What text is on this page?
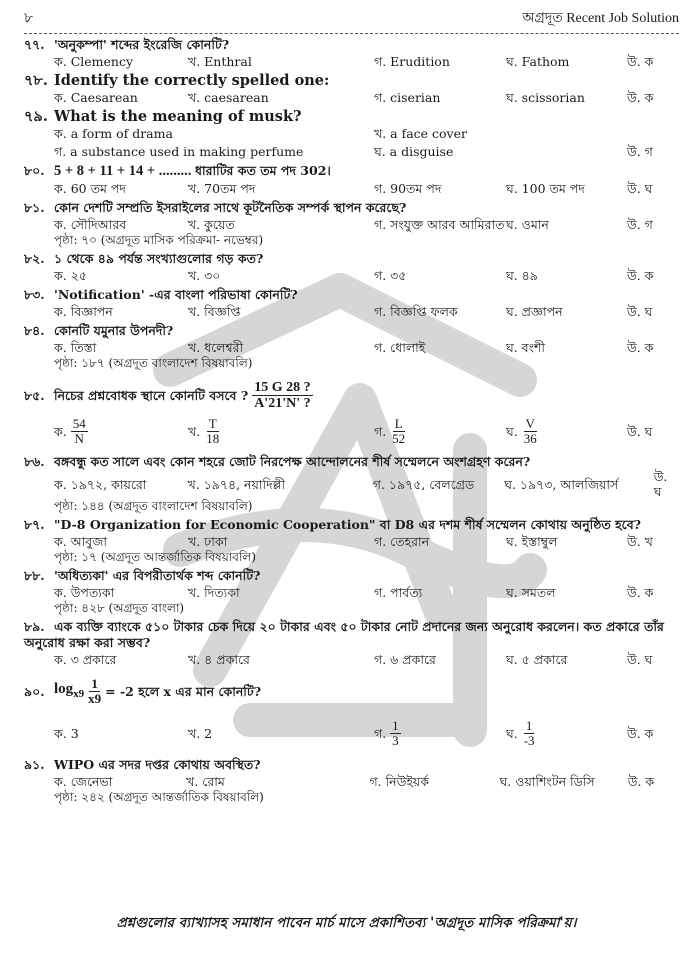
৮	অগ্রদূত Recent Job Solution
৭৭. 'অনুকম্পা' শব্দের ইংরেজি কোনটি?
ক. Clemency	খ. Enthral	গ. Erudition	ঘ. Fathom	উ. ক
৭৮. Identify the correctly spelled one:
ক. Caesarean	খ. caesarean	গ. ciserian	ঘ. scissorian	উ. ক
৭৯. What is the meaning of musk?
ক. a form of drama	খ. a face cover
গ. a substance used in making perfume	ঘ. a disguise	উ. গ
৮০. 5 + 8 + 11 + 14 + ......... ধারাটির কত তম পদ 302।
ক. 60 তম পদ	খ. 70তম পদ	গ. 90তম পদ	ঘ. 100 তম পদ	উ. ঘ
৮১. কোন দেশটি সম্প্রতি ইসরাইলের সাথে কূটনৈতিক সম্পর্ক স্থাপন করেছে?
ক. সৌদিআরব	খ. কুয়েত	গ. সংযুক্ত আরব আমিরাত ঘ. ওমান	উ. গ
পৃষ্ঠা: ৭০ (অগ্রদূত মাসিক পরিক্রমা- নভেম্বর)
৮২. ১ থেকে ৪৯ পর্যন্ত সংখ্যাগুলোর গড় কত?
ক. ২৫	খ. ৩০	গ. ৩৫	ঘ. ৪৯	উ. ক
৮৩. 'Notification' -এর বাংলা পরিভাষা কোনটি?
ক. বিজ্ঞাপন	খ. বিজ্ঞপ্তি	গ. বিজ্ঞপ্তি ফলক	ঘ. প্রজ্ঞাপন	উ. ঘ
৮৪. কোনটি যমুনার উপনদী?
ক. তিস্তা	খ. ধলেশ্বরী	গ. ধোলাই	ঘ. বংশী	উ. ক
পৃষ্ঠা: ১৮৭ (অগ্রদূত বাংলাদেশ বিষয়াবলি)
৮৫. নিচের প্রশ্নবোধক স্থানে কোনটি বসবে ? $\frac{15 G 28 ?}{A'21'N' ?}$
ক. $\frac{54}{N}$	খ. $\frac{T}{18}$	গ. $\frac{L}{52}$	ঘ. $\frac{V}{36}$	উ. ঘ
৮৬. বঙ্গবন্ধু কত সালে এবং কোন শহরে জোট নিরপেক্ষ আন্দোলনের শীর্ষ সম্মেলনে অংশগ্রহণ করেন?
ক. ১৯৭২, কায়রো	খ. ১৯৭৪, নয়াদিল্লী	গ. ১৯৭৫, বেলগ্রেড	ঘ. ১৯৭৩, আলজিয়ার্স	উ. ঘ
পৃষ্ঠা: ১৪৪ (অগ্রদূত বাংলাদেশ বিষয়াবলি)
৮৭. "D-8 Organization for Economic Cooperation" বা D8 এর দশম শীর্ষ সম্মেলন কোথায় অনুষ্ঠিত হবে?
ক. আবুজা	খ. ঢাকা	গ. তেহরান	ঘ. ইস্তাম্বুল	উ. খ
পৃষ্ঠা: ১৭ (অগ্রদূত আন্তর্জাতিক বিষয়াবলি)
৮৮. 'অধিত্যকা' এর বিপরীতার্থক শব্দ কোনটি?
ক. উপত্যকা	খ. দিত্যকা	গ. পার্বত্য	ঘ. সমতল	উ. ক
পৃষ্ঠা: ৪২৮ (অগ্রদূত বাংলা)
৮৯. এক ব্যক্তি ব্যাংকে ৫১০ টাকার চেক দিয়ে ২০ টাকার এবং ৫০ টাকার নোট প্রদানের জন্য অনুরোধ করলেন। কত প্রকারে তাঁর
অনুরোধ রক্ষা করা সম্ভব?
ক. ৩ প্রকারে	খ. ৪ প্রকারে	গ. ৬ প্রকারে	ঘ. ৫ প্রকারে	উ. ঘ
৯০. $\log_{x9} \frac{1}{x9} = -2$ হলে x এর মান কোনটি?
ক. 3	খ. 2	গ. $\frac{1}{3}$	ঘ. $\frac{1}{-3}$	উ. ক
৯১. WIPO এর সদর দপ্তর কোথায় অবস্থিত?
ক. জেনেভা	খ. রোম	গ. নিউইয়র্ক	ঘ. ওয়াশিংটন ডিসি	উ. ক
পৃষ্ঠা: ২৪২ (অগ্রদূত আন্তর্জাতিক বিষয়াবলি)
প্রশ্নগুলোর ব্যাখ্যাসহ সমাধান পাবেন মার্চ মাসে প্রকাশিতব্য 'অগ্রদূত মাসিক পরিক্রমা'য়।
